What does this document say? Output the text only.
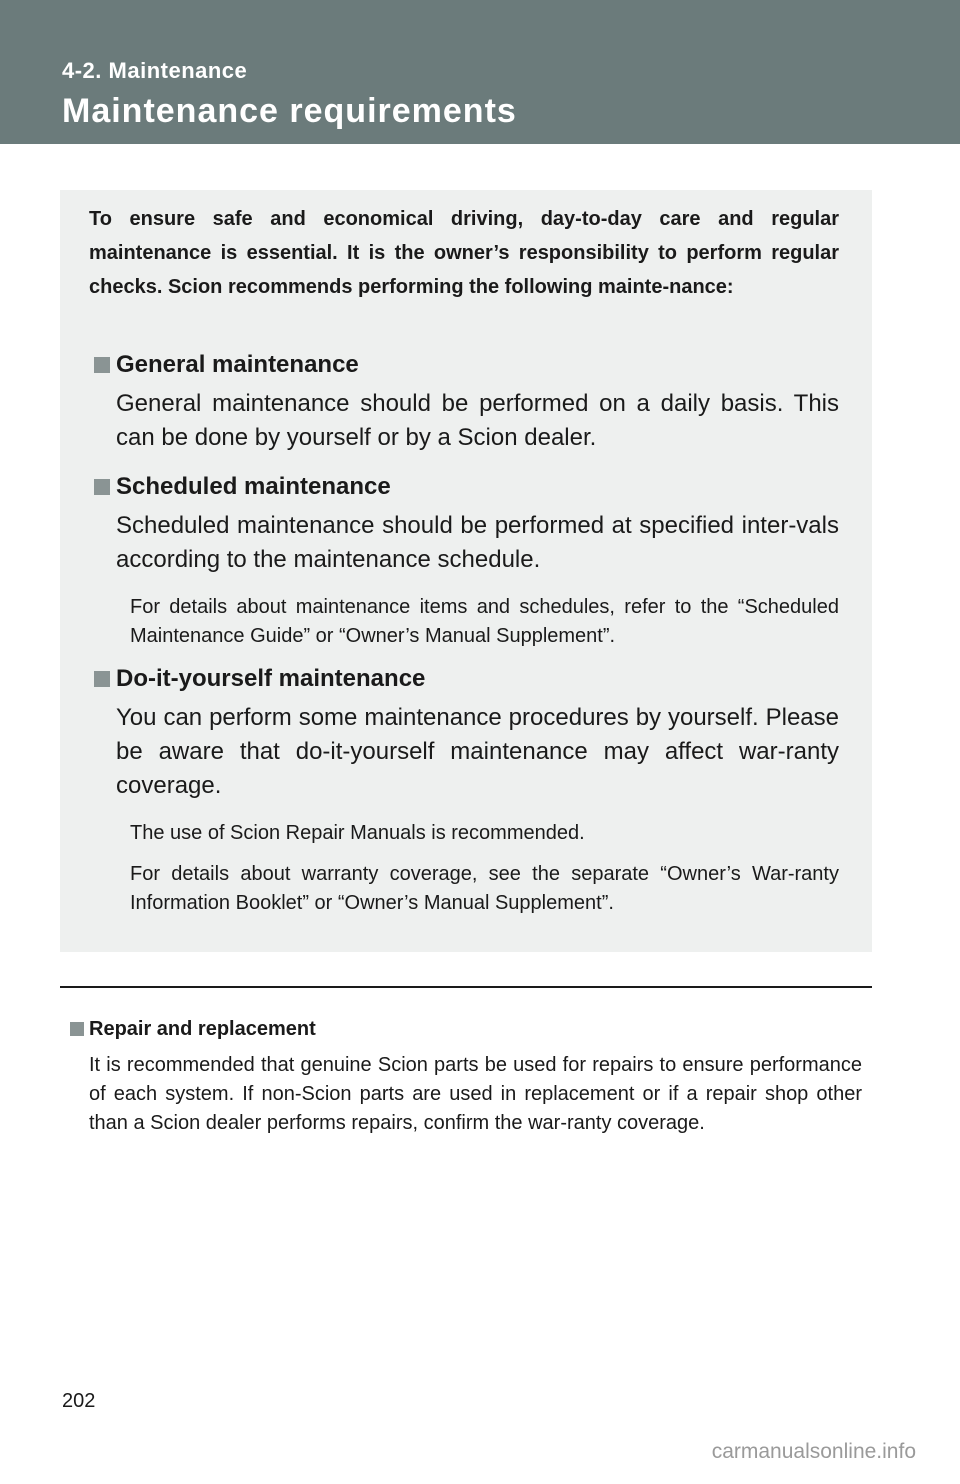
4-2. Maintenance
Maintenance requirements
To ensure safe and economical driving, day-to-day care and regular maintenance is essential. It is the owner’s responsibility to perform regular checks. Scion recommends performing the following mainte-nance:
General maintenance
General maintenance should be performed on a daily basis. This can be done by yourself or by a Scion dealer.
Scheduled maintenance
Scheduled maintenance should be performed at specified inter-vals according to the maintenance schedule.
For details about maintenance items and schedules, refer to the “Scheduled Maintenance Guide” or “Owner’s Manual Supplement”.
Do-it-yourself maintenance
You can perform some maintenance procedures by yourself. Please be aware that do-it-yourself maintenance may affect war-ranty coverage.
The use of Scion Repair Manuals is recommended.
For details about warranty coverage, see the separate “Owner’s War-ranty Information Booklet” or “Owner’s Manual Supplement”.
Repair and replacement
It is recommended that genuine Scion parts be used for repairs to ensure performance of each system. If non-Scion parts are used in replacement or if a repair shop other than a Scion dealer performs repairs, confirm the war-ranty coverage.
202
carmanualsonline.info
